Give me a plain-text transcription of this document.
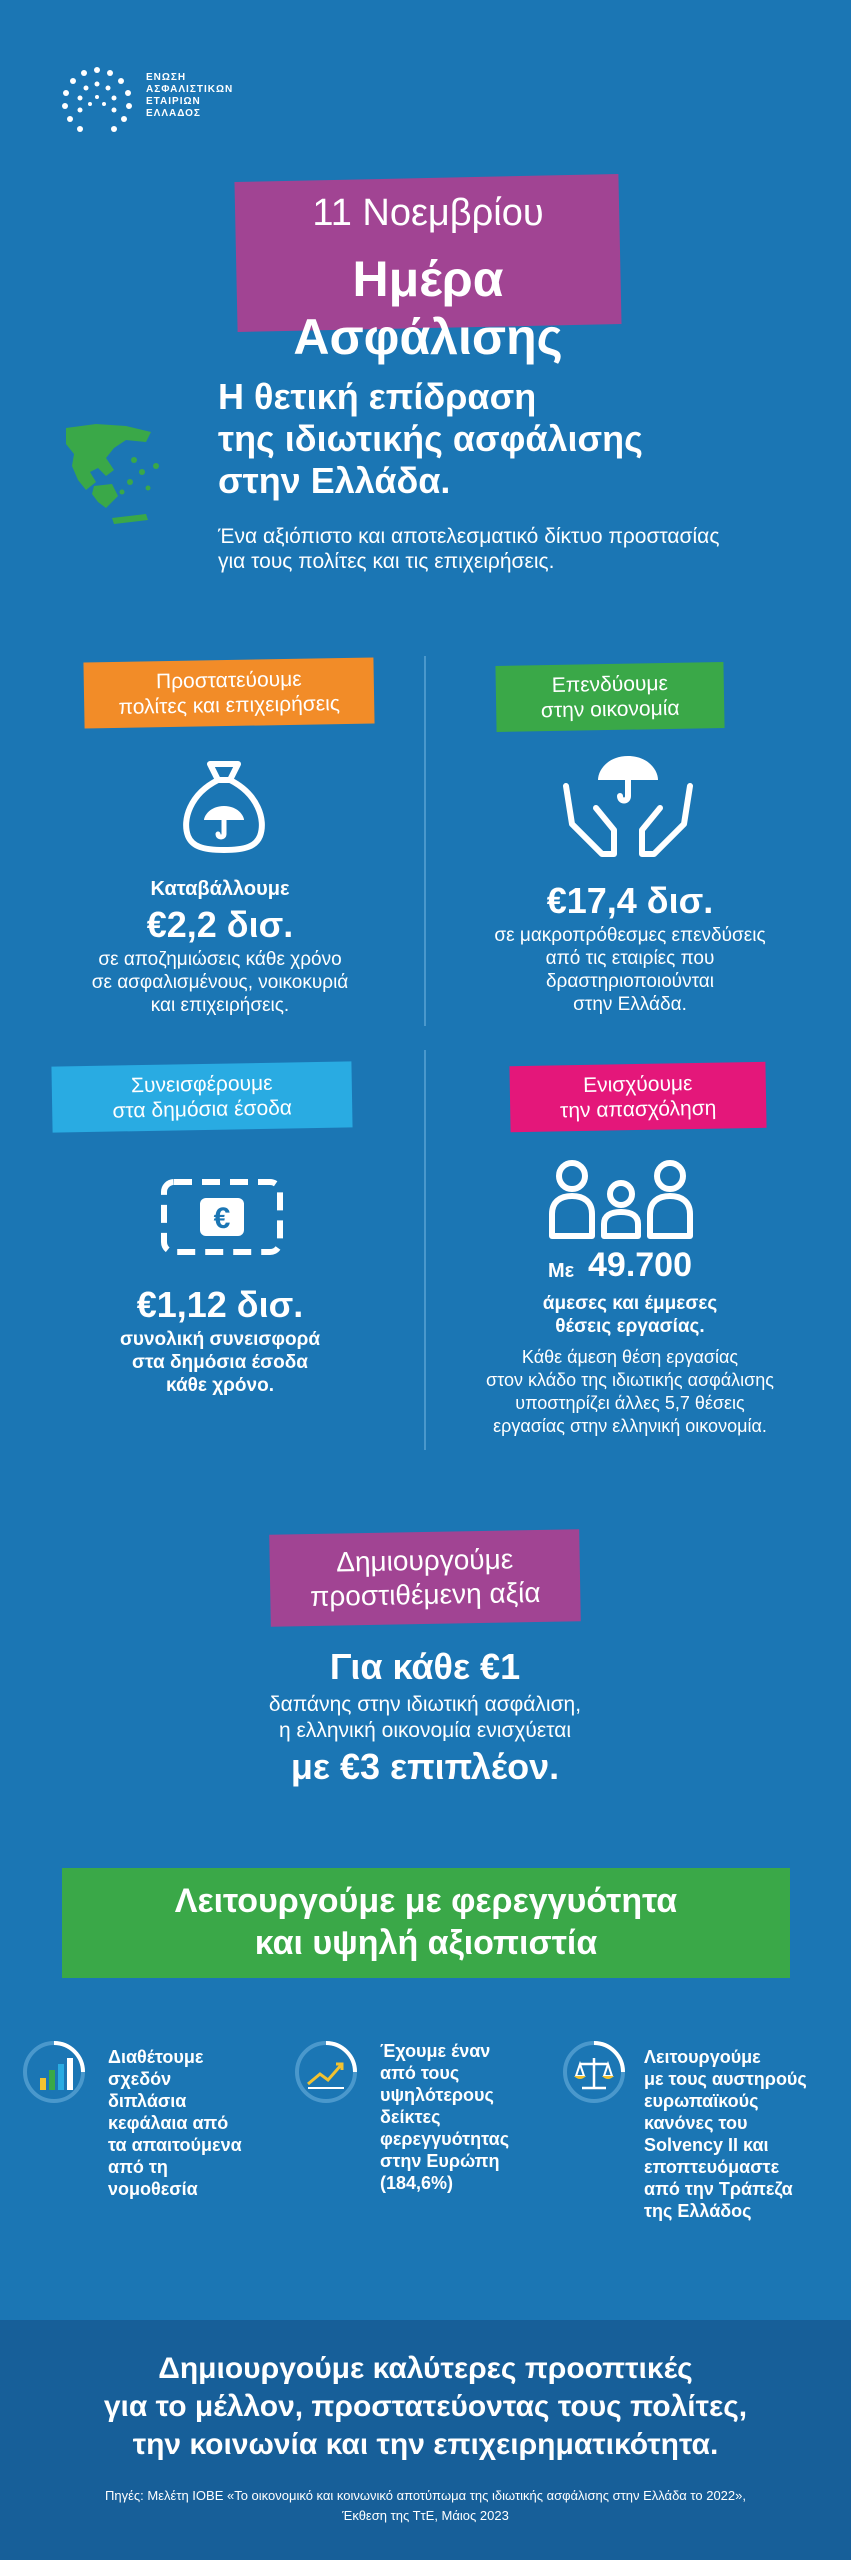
ΕΝΩΣΗ
ΑΣΦΑΛΙΣΤΙΚΩΝ
ΕΤΑΙΡΙΩΝ
ΕΛΛΑΔΟΣ
11 Νοεμβρίου
Ημέρα Ασφάλισης
Η θετική επίδραση
της ιδιωτικής ασφάλισης
στην Ελλάδα.
Ένα αξιόπιστο και αποτελεσματικό δίκτυο προστασίας
για τους πολίτες και τις επιχειρήσεις.
Προστατεύουμε
πολίτες και επιχειρήσεις
Καταβάλλουμε
€2,2 δισ.
σε αποζημιώσεις κάθε χρόνο
σε ασφαλισμένους, νοικοκυριά
και επιχειρήσεις.
Επενδύουμε
στην οικονομία
€17,4 δισ.
σε μακροπρόθεσμες επενδύσεις
από τις εταιρίες που
δραστηριοποιούνται
στην Ελλάδα.
Συνεισφέρουμε
στα δημόσια έσοδα
€
€1,12 δισ.
συνολική συνεισφορά
στα δημόσια έσοδα
κάθε χρόνο.
Ενισχύουμε
την απασχόληση
Με 49.700
άμεσες και έμμεσες
θέσεις εργασίας.
Κάθε άμεση θέση εργασίας
στον κλάδο της ιδιωτικής ασφάλισης
υποστηρίζει άλλες 5,7 θέσεις
εργασίας στην ελληνική οικονομία.
Δημιουργούμε
προστιθέμενη αξία
Για κάθε €1
δαπάνης στην ιδιωτική ασφάλιση,
η ελληνική οικονομία ενισχύεται
με €3 επιπλέον.
Λειτουργούμε με φερεγγυότητα
και υψηλή αξιοπιστία
Διαθέτουμε
σχεδόν
διπλάσια
κεφάλαια από
τα απαιτούμενα
από τη
νομοθεσία
Έχουμε έναν
από τους
υψηλότερους
δείκτες
φερεγγυότητας
στην Ευρώπη
(184,6%)
Λειτουργούμε
με τους αυστηρούς
ευρωπαϊκούς
κανόνες του
Solvency II και
εποπτευόμαστε
από την Τράπεζα
της Ελλάδος
Δημιουργούμε καλύτερες προοπτικές
για το μέλλον, προστατεύοντας τους πολίτες,
την κοινωνία και την επιχειρηματικότητα.
Πηγές: Μελέτη ΙΟΒΕ «Το οικονομικό και κοινωνικό αποτύπωμα της ιδιωτικής ασφάλισης στην Ελλάδα το 2022»,
Έκθεση της ΤτΕ, Μάιος 2023
